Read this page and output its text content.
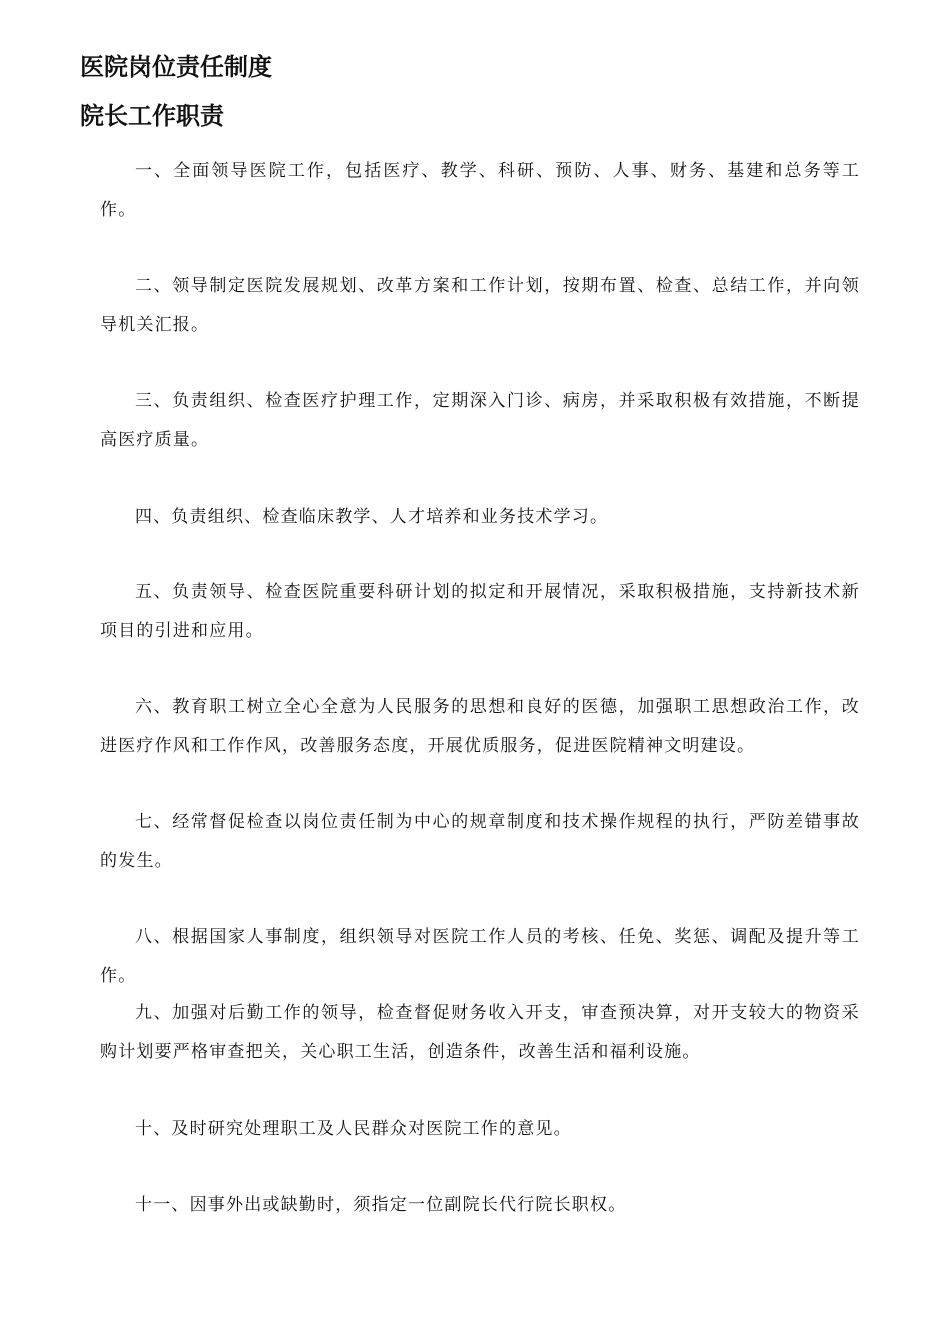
医院岗位责任制度
院长工作职责

一、全面领导医院工作，包括医疗、教学、科研、预防、人事、财务、基建和总务等工作。

二、领导制定医院发展规划、改革方案和工作计划，按期布置、检查、总结工作，并向领导机关汇报。

三、负责组织、检查医疗护理工作，定期深入门诊、病房，并采取积极有效措施，不断提高医疗质量。

四、负责组织、检查临床教学、人才培养和业务技术学习。

五、负责领导、检查医院重要科研计划的拟定和开展情况，采取积极措施，支持新技术新项目的引进和应用。

六、教育职工树立全心全意为人民服务的思想和良好的医德，加强职工思想政治工作，改进医疗作风和工作作风，改善服务态度，开展优质服务，促进医院精神文明建设。

七、经常督促检查以岗位责任制为中心的规章制度和技术操作规程的执行，严防差错事故的发生。

八、根据国家人事制度，组织领导对医院工作人员的考核、任免、奖惩、调配及提升等工作。

九、加强对后勤工作的领导，检查督促财务收入开支，审查预决算，对开支较大的物资采购计划要严格审查把关，关心职工生活，创造条件，改善生活和福利设施。

十、及时研究处理职工及人民群众对医院工作的意见。

十一、因事外出或缺勤时，须指定一位副院长代行院长职权。
